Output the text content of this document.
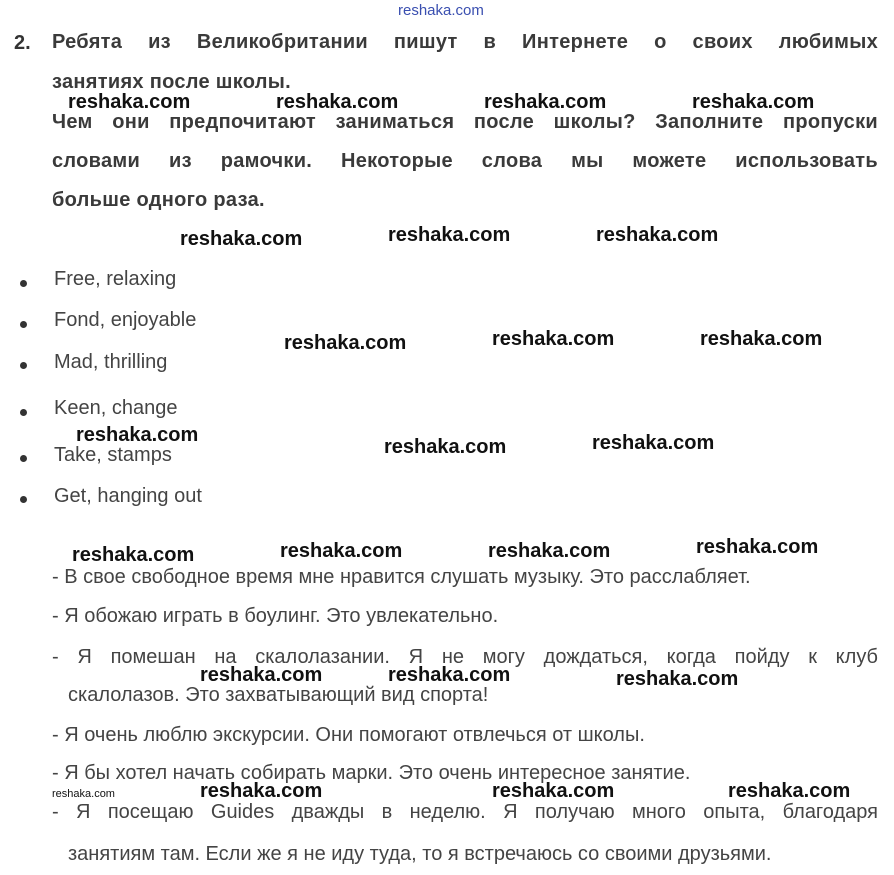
reshaka.com
2. Ребята из Великобритании пишут в Интернете о своих любимых
занятиях после школы.
Чем они предпочитают заниматься после школы? Заполните пропуски
словами из рамочки. Некоторые слова мы можете использовать
больше одного раза.
Free, relaxing
Fond, enjoyable
Mad, thrilling
Keen, change
Take, stamps
Get, hanging out
- В свое свободное время мне нравится слушать музыку. Это расслабляет.
- Я обожаю играть в боулинг. Это увлекательно.
- Я помешан на скалолазании. Я не могу дождаться, когда пойду к клуб
скалолазов. Это захватывающий вид спорта!
- Я очень люблю экскурсии. Они помогают отвлечься от школы.
- Я бы хотел начать собирать марки. Это очень интересное занятие.
- Я посещаю Guides дважды в неделю. Я получаю много опыта, благодаря
занятиям там. Если же я не иду туда, то я встречаюсь со своими друзьями.
reshaka.com	reshaka.com	reshaka.com	reshaka.com
reshaka.com	reshaka.com	reshaka.com
reshaka.com	reshaka.com	reshaka.com
reshaka.com
reshaka.com	reshaka.com
reshaka.com	reshaka.com	reshaka.com	reshaka.com
reshaka.com	reshaka.com	reshaka.com
reshaka.com	reshaka.com	reshaka.com	reshaka.com
